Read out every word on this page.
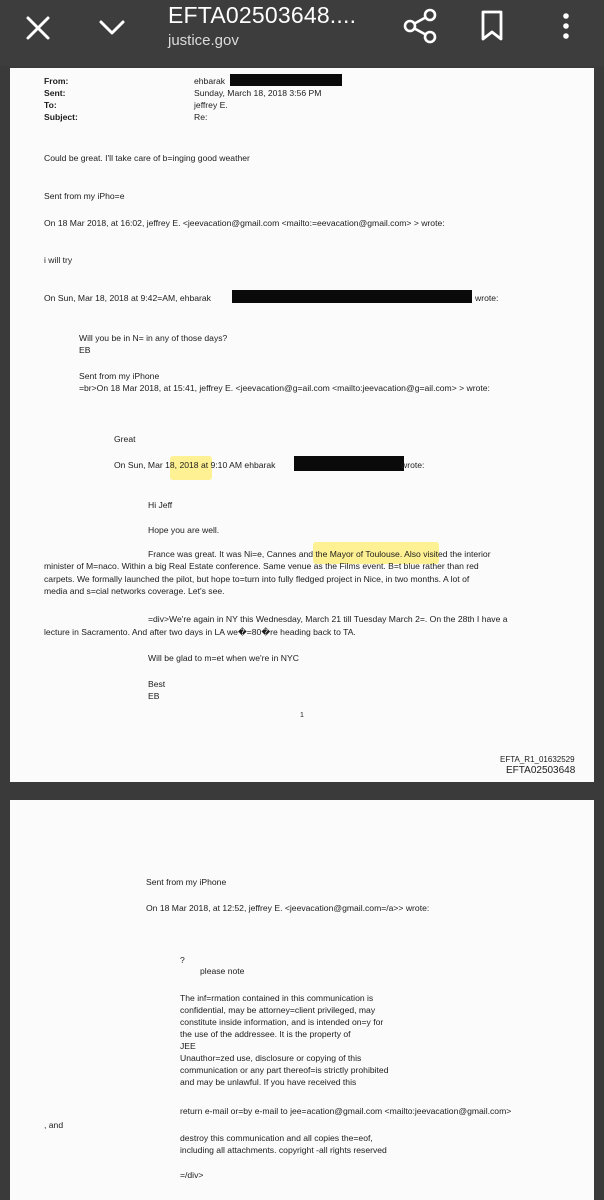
EFTA02503648....
justice.gov
From:
Sent:
To:
Subject:
ehbarak
Sunday, March 18, 2018 3:56 PM
jeffrey E.
Re:
Could be great. I'll take care of b=inging good weather
Sent from my iPho=e
On 18 Mar 2018, at 16:02, jeffrey E. <jeevacation@gmail.com <mailto:=eevacation@gmail.com> > wrote:
i will try
On Sun, Mar 18, 2018 at 9:42=AM, ehbarak	wrote:
Will you be in N= in any of those days?
EB
Sent from my iPhone
=br>On 18 Mar 2018, at 15:41, jeffrey E. <jeevacation@g=ail.com <mailto:jeevacation@g=ail.com> > wrote:
Great
On Sun, Mar 18, 2018 at 9:10 AM ehbarak	wrote:
Hi Jeff
Hope you are well.
France was great. It was Ni=e, Cannes and the Mayor of Toulouse. Also visited the interior
minister of M=naco. Within a big Real Estate conference. Same venue as the Films event. B=t blue rather than red
carpets. We formally launched the pilot, but hope to=turn into fully fledged project in Nice, in two months. A lot of
media and s=cial networks coverage. Let's see.
=div>We're again in NY this Wednesday, March 21 till Tuesday March 2=. On the 28th I have a
lecture in Sacramento. And after two days in LA we�=80�re heading back to TA.
Will be glad to m=et when we're in NYC
Best
EB
1
EFTA_R1_01632529
EFTA02503648
Sent from my iPhone
On 18 Mar 2018, at 12:52, jeffrey E. <jeevacation@gmail.com=/a>> wrote:
?
please note
The inf=rmation contained in this communication is
confidential, may be attorney=client privileged, may
constitute inside information, and is intended on=y for
the use of the addressee. It is the property of
JEE
Unauthor=zed use, disclosure or copying of this
communication or any part thereof=is strictly prohibited
and may be unlawful. If you have received this
return e-mail or=by e-mail to jee=acation@gmail.com <mailto:jeevacation@gmail.com>
, and
destroy this communication and all copies the=eof,
including all attachments. copyright -all rights reserved
=/div>
